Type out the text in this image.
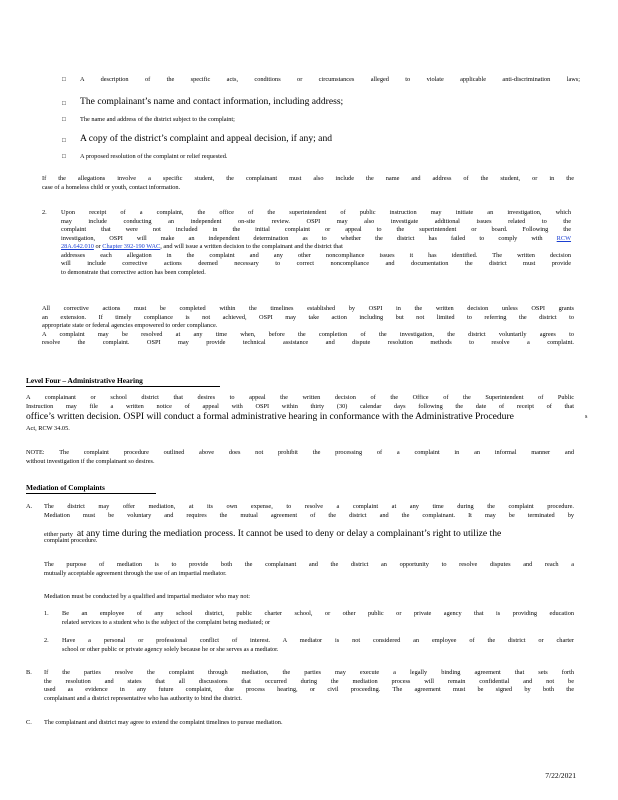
□ A description of the specific acts, conditions or circumstances alleged to violate applicable anti-discrimination laws;
□ The complainant’s name and contact information, including address;
□ The name and address of the district subject to the complaint;
□ A copy of the district’s complaint and appeal decision, if any; and
□ A proposed resolution of the complaint or relief requested.

If the allegations involve a specific student, the complainant must also include the name and address of the student, or in the

case of a homeless child or youth, contact information.

2. Upon receipt of a complaint, the office of the superintendent of public instruction may initiate an investigation, which

may include conducting an independent on-site review. OSPI may also investigate additional issues related to the

complaint that were not included in the initial complaint or appeal to the superintendent or board. Following the

investigation, OSPI will make an independent determination as to whether the district has failed to comply with RCW

28A.642.010 or Chapter 392-190 WAC, and will issue a written decision to the complainant and the district that

addresses each allegation in the complaint and any other noncompliance issues it has identified. The written decision

will include corrective actions deemed necessary to correct noncompliance and documentation the district must provide

to demonstrate that corrective action has been completed.

All corrective actions must be completed within the timelines established by OSPI in the written decision unless OSPI grants

an extension. If timely compliance is not achieved, OSPI may take action including but not limited to referring the district to

appropriate state or federal agencies empowered to order compliance.

A complaint may be resolved at any time when, before the completion of the investigation, the district voluntarily agrees to

resolve the complaint. OSPI may provide technical assistance and dispute resolution methods to resolve a complaint.

Level Four – Administrative Hearing

A complainant or school district that desires to appeal the written decision of the Office of the Superintendent of Public

Instruction may file a written notice of appeal with OSPI within thirty (30) calendar days following the date of receipt of that

office’s written decision. OSPI will conduct a formal administrative hearing in conformance with the Administrative Procedure	s
Act, RCW 34.05.

NOTE: The complaint procedure outlined above does not prohibit the processing of a complaint in an informal manner and

without investigation if the complainant so desires.

Mediation of Complaints
A. The district may offer mediation, at its own expense, to resolve a complaint at any time during the complaint procedure.

Mediation must be voluntary and requires the mutual agreement of the district and the complainant. It may be terminated by

either party at any time during the mediation process. It cannot be used to deny or delay a complainant’s right to utilize the
complaint procedure.

The purpose of mediation is to provide both the complainant and the district an opportunity to resolve disputes and reach a

mutually acceptable agreement through the use of an impartial mediator.

Mediation must be conducted by a qualified and impartial mediator who may not:
1. Be an employee of any school district, public charter school, or other public or private agency that is providing education

related services to a student who is the subject of the complaint being mediated; or

2. Have a personal or professional conflict of interest. A mediator is not considered an employee of the district or charter

school or other public or private agency solely because he or she serves as a mediator.

B. If the parties resolve the complaint through mediation, the parties may execute a legally binding agreement that sets forth

the resolution and states that all discussions that occurred during the mediation process will remain confidential and not be

used as evidence in any future complaint, due process hearing, or civil proceeding. The agreement must be signed by both the

complainant and a district representative who has authority to bind the district.

C. The complainant and district may agree to extend the complaint timelines to pursue mediation.
7/22/2021
